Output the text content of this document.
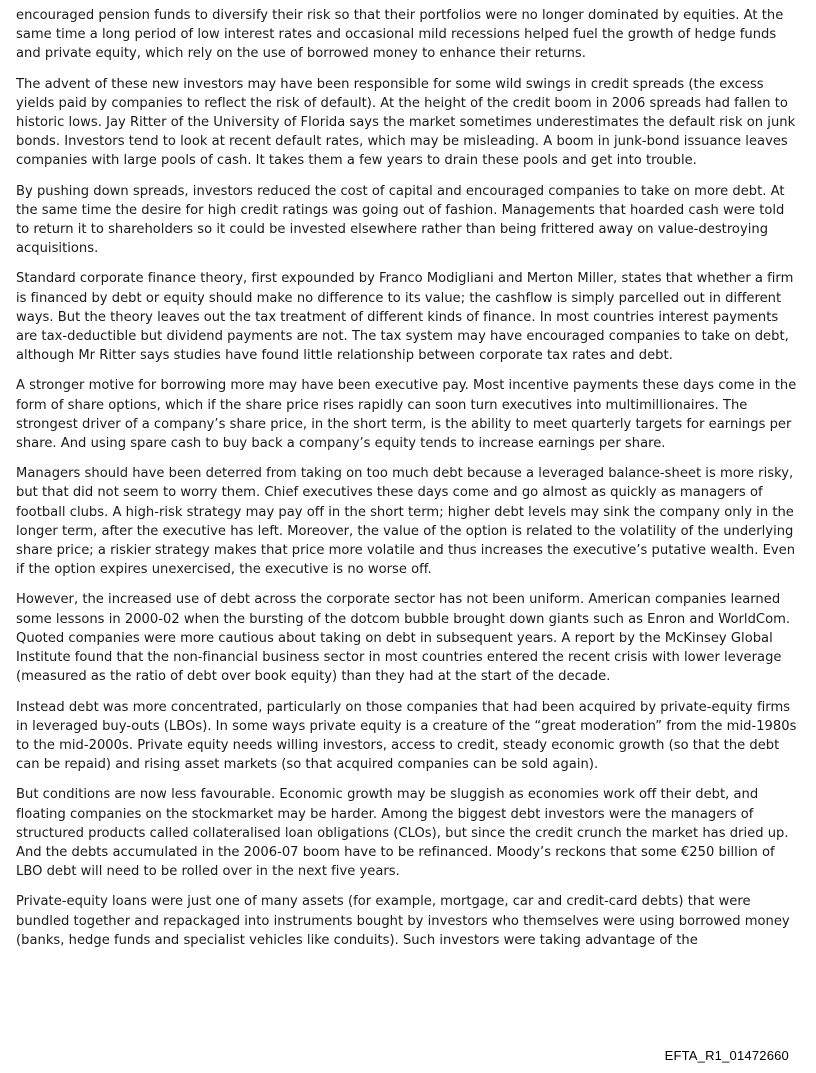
encouraged pension funds to diversify their risk so that their portfolios were no longer dominated by equities. At the same time a long period of low interest rates and occasional mild recessions helped fuel the growth of hedge funds and private equity, which rely on the use of borrowed money to enhance their returns.

The advent of these new investors may have been responsible for some wild swings in credit spreads (the excess yields paid by companies to reflect the risk of default). At the height of the credit boom in 2006 spreads had fallen to historic lows. Jay Ritter of the University of Florida says the market sometimes underestimates the default risk on junk bonds. Investors tend to look at recent default rates, which may be misleading. A boom in junk-bond issuance leaves companies with large pools of cash. It takes them a few years to drain these pools and get into trouble.

By pushing down spreads, investors reduced the cost of capital and encouraged companies to take on more debt. At the same time the desire for high credit ratings was going out of fashion. Managements that hoarded cash were told to return it to shareholders so it could be invested elsewhere rather than being frittered away on value-destroying acquisitions.

Standard corporate finance theory, first expounded by Franco Modigliani and Merton Miller, states that whether a firm is financed by debt or equity should make no difference to its value; the cashflow is simply parcelled out in different ways. But the theory leaves out the tax treatment of different kinds of finance. In most countries interest payments are tax-deductible but dividend payments are not. The tax system may have encouraged companies to take on debt, although Mr Ritter says studies have found little relationship between corporate tax rates and debt.

A stronger motive for borrowing more may have been executive pay. Most incentive payments these days come in the form of share options, which if the share price rises rapidly can soon turn executives into multimillionaires. The strongest driver of a company’s share price, in the short term, is the ability to meet quarterly targets for earnings per share. And using spare cash to buy back a company’s equity tends to increase earnings per share.

Managers should have been deterred from taking on too much debt because a leveraged balance-sheet is more risky, but that did not seem to worry them. Chief executives these days come and go almost as quickly as managers of football clubs. A high-risk strategy may pay off in the short term; higher debt levels may sink the company only in the longer term, after the executive has left. Moreover, the value of the option is related to the volatility of the underlying share price; a riskier strategy makes that price more volatile and thus increases the executive’s putative wealth. Even if the option expires unexercised, the executive is no worse off.

However, the increased use of debt across the corporate sector has not been uniform. American companies learned some lessons in 2000-02 when the bursting of the dotcom bubble brought down giants such as Enron and WorldCom. Quoted companies were more cautious about taking on debt in subsequent years. A report by the McKinsey Global Institute found that the non-financial business sector in most countries entered the recent crisis with lower leverage (measured as the ratio of debt over book equity) than they had at the start of the decade.

Instead debt was more concentrated, particularly on those companies that had been acquired by private-equity firms in leveraged buy-outs (LBOs). In some ways private equity is a creature of the “great moderation” from the mid-1980s to the mid-2000s. Private equity needs willing investors, access to credit, steady economic growth (so that the debt can be repaid) and rising asset markets (so that acquired companies can be sold again).

But conditions are now less favourable. Economic growth may be sluggish as economies work off their debt, and floating companies on the stockmarket may be harder. Among the biggest debt investors were the managers of structured products called collateralised loan obligations (CLOs), but since the credit crunch the market has dried up. And the debts accumulated in the 2006-07 boom have to be refinanced. Moody’s reckons that some €250 billion of LBO debt will need to be rolled over in the next five years.

Private-equity loans were just one of many assets (for example, mortgage, car and credit-card debts) that were bundled together and repackaged into instruments bought by investors who themselves were using borrowed money (banks, hedge funds and specialist vehicles like conduits). Such investors were taking advantage of the

EFTA_R1_01472660
